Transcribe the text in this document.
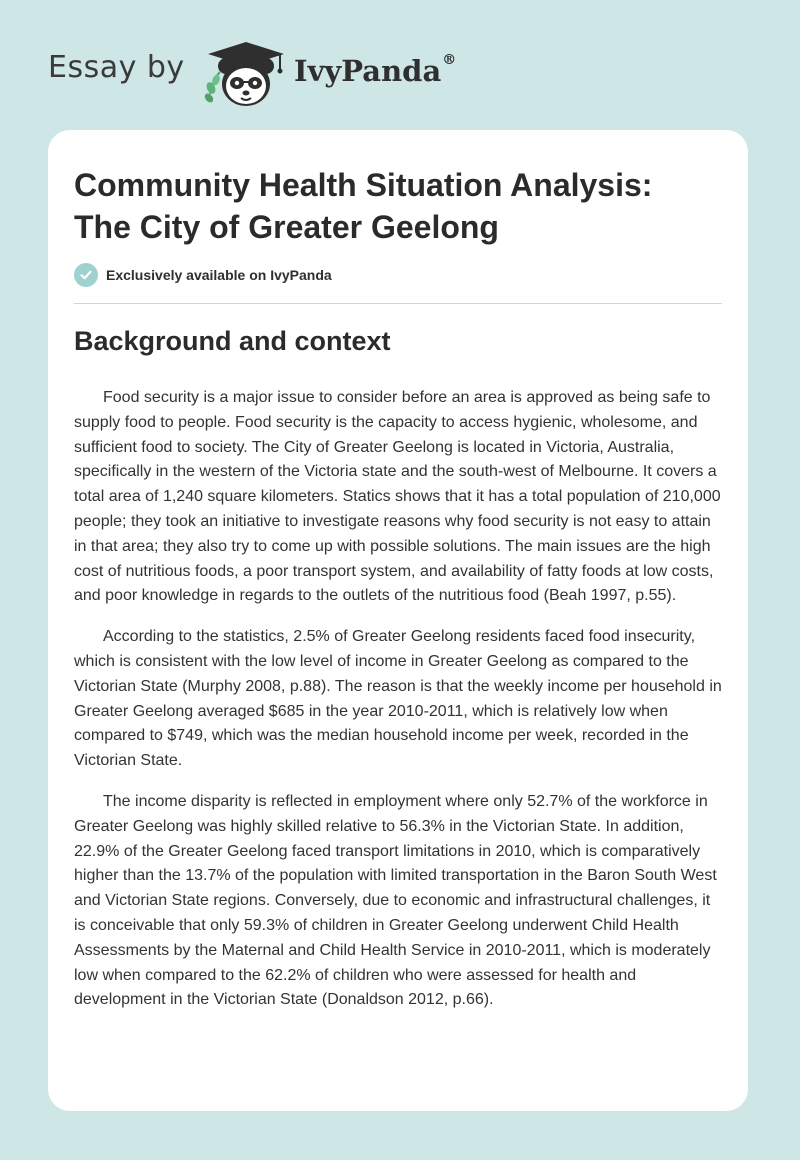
Essay by	IvyPanda®
Community Health Situation Analysis: The City of Greater Geelong
Exclusively available on IvyPanda
Background and context

Food security is a major issue to consider before an area is approved as being safe to supply food to people. Food security is the capacity to access hygienic, wholesome, and sufficient food to society. The City of Greater Geelong is located in Victoria, Australia, specifically in the western of the Victoria state and the south-west of Melbourne. It covers a total area of 1,240 square kilometers. Statics shows that it has a total population of 210,000 people; they took an initiative to investigate reasons why food security is not easy to attain in that area; they also try to come up with possible solutions. The main issues are the high cost of nutritious foods, a poor transport system, and availability of fatty foods at low costs, and poor knowledge in regards to the outlets of the nutritious food (Beah 1997, p.55).

According to the statistics, 2.5% of Greater Geelong residents faced food insecurity, which is consistent with the low level of income in Greater Geelong as compared to the Victorian State (Murphy 2008, p.88). The reason is that the weekly income per household in Greater Geelong averaged $685 in the year 2010-2011, which is relatively low when compared to $749, which was the median household income per week, recorded in the Victorian State.

The income disparity is reflected in employment where only 52.7% of the workforce in Greater Geelong was highly skilled relative to 56.3% in the Victorian State. In addition, 22.9% of the Greater Geelong faced transport limitations in 2010, which is comparatively higher than the 13.7% of the population with limited transportation in the Baron South West and Victorian State regions. Conversely, due to economic and infrastructural challenges, it is conceivable that only 59.3% of children in Greater Geelong underwent Child Health Assessments by the Maternal and Child Health Service in 2010-2011, which is moderately low when compared to the 62.2% of children who were assessed for health and development in the Victorian State (Donaldson 2012, p.66).
